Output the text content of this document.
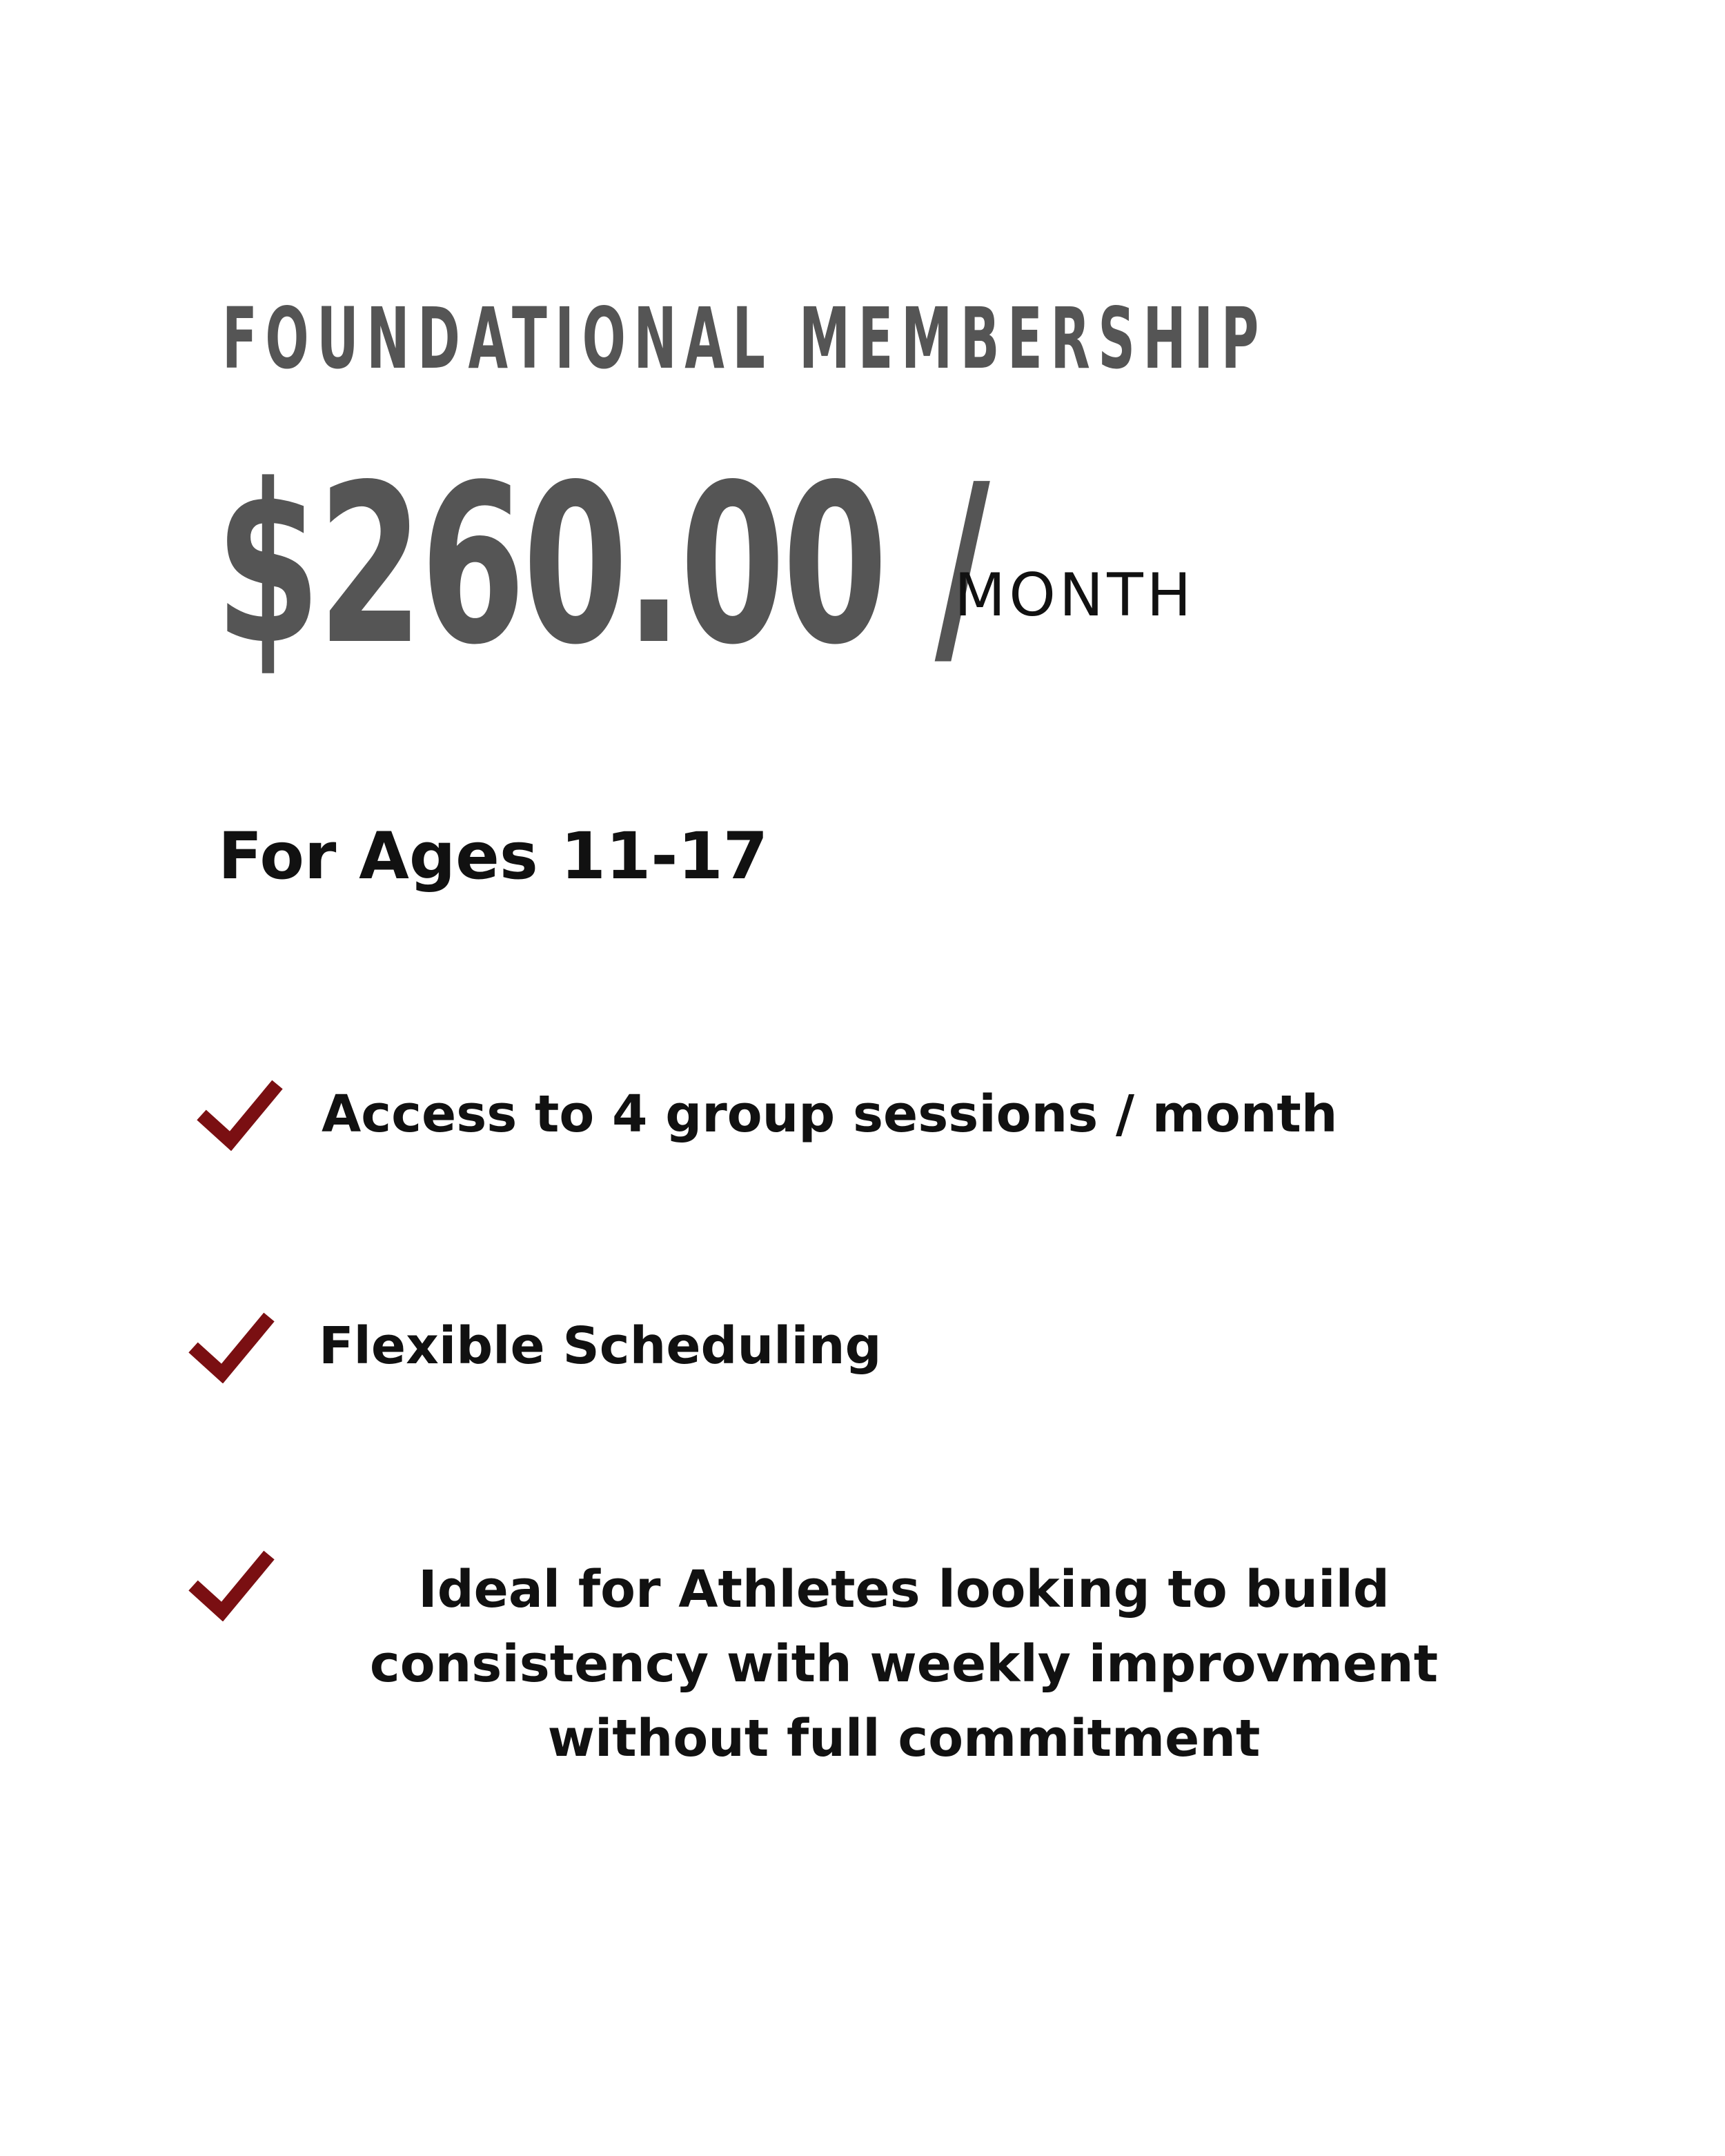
FOUNDATIONAL MEMBERSHIP
$260.00 /
MONTH
For Ages 11-17
Access to 4 group sessions / month
Flexible Scheduling
Ideal for Athletes looking to build consistency with weekly improvment without full commitment
